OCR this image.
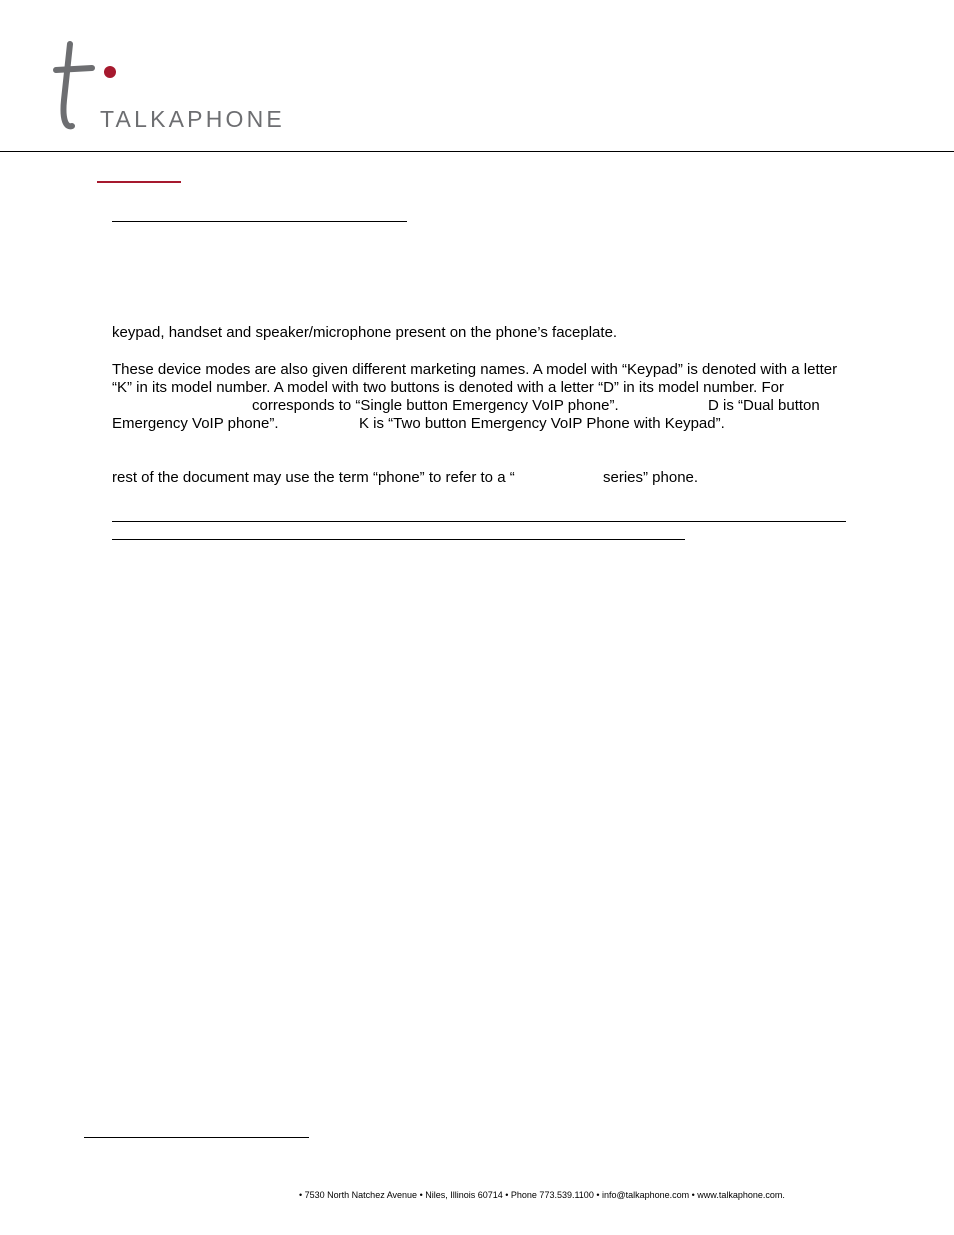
TALKAPHONE
keypad, handset and speaker/microphone present on the phone’s faceplate.
These device modes are also given different marketing names. A model with “Keypad” is denoted with a letter
“K” in its model number. A model with two buttons is denoted with a letter “D” in its model number. For
corresponds to “Single button Emergency VoIP phone”.	D is “Dual button
Emergency VoIP phone”.	K is “Two button Emergency VoIP Phone with Keypad”.
rest of the document may use the term “phone” to refer to a “	series” phone.
• 7530 North Natchez Avenue • Niles, Illinois 60714 • Phone 773.539.1100 • info@talkaphone.com • www.talkaphone.com.
